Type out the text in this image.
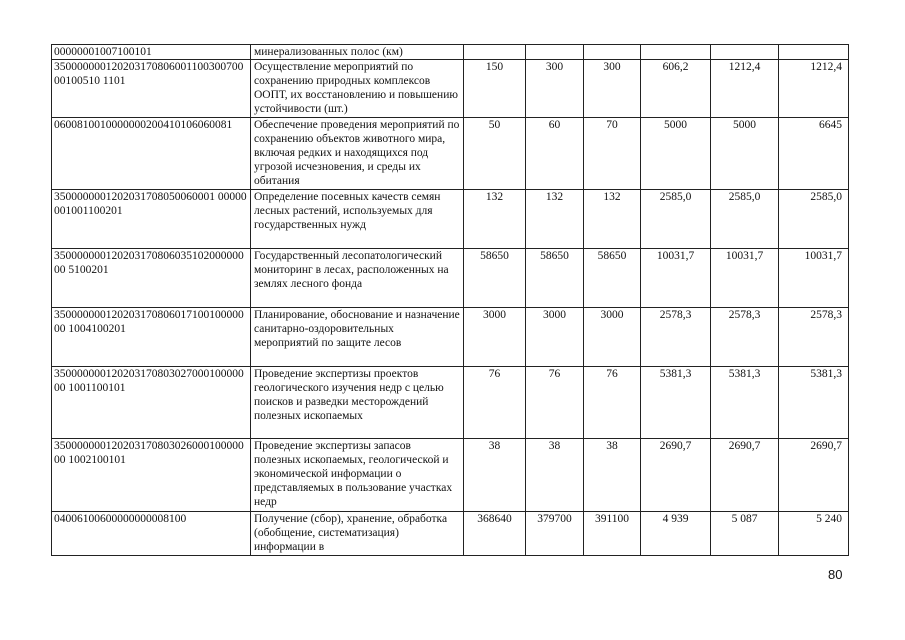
00000001007100101	минерализованных полос (км)						
35000000012020317080600110030070000100510 1101	Осуществление мероприятий по сохранению природных комплексов ООПТ, их восстановлению и повышению устойчивости (шт.)	150	300	300	606,2	1212,4	1212,4
0600810010000000200410106060081	Обеспечение проведения мероприятий по сохранению объектов животного мира, включая редких и находящихся под угрозой исчезновения, и среды их обитания	50	60	70	5000	5000	6645
3500000001202031708050060001 00000001001100201	Определение посевных качеств семян лесных растений, используемых для государственных нужд	132	132	132	2585,0	2585,0	2585,0
35000000012020317080603510200000000 5100201	Государственный лесопатологический мониторинг в лесах, расположенных на землях лесного фонда	58650	58650	58650	10031,7	10031,7	10031,7
35000000012020317080601710010000000 1004100201	Планирование, обоснование и назначение санитарно-оздоровительных мероприятий по защите лесов	3000	3000	3000	2578,3	2578,3	2578,3
35000000012020317080302700010000000 1001100101	Проведение экспертизы проектов геологического изучения недр с целью поисков и разведки месторождений полезных ископаемых	76	76	76	5381,3	5381,3	5381,3
35000000012020317080302600010000000 1002100101	Проведение экспертизы запасов полезных ископаемых, геологической и экономической информации о представляемых в пользование участках недр	38	38	38	2690,7	2690,7	2690,7
04006100600000000008100	Получение (сбор), хранение, обработка (обобщение, систематизация) информации в	368640	379700	391100	4 939	5 087	5 240
80
